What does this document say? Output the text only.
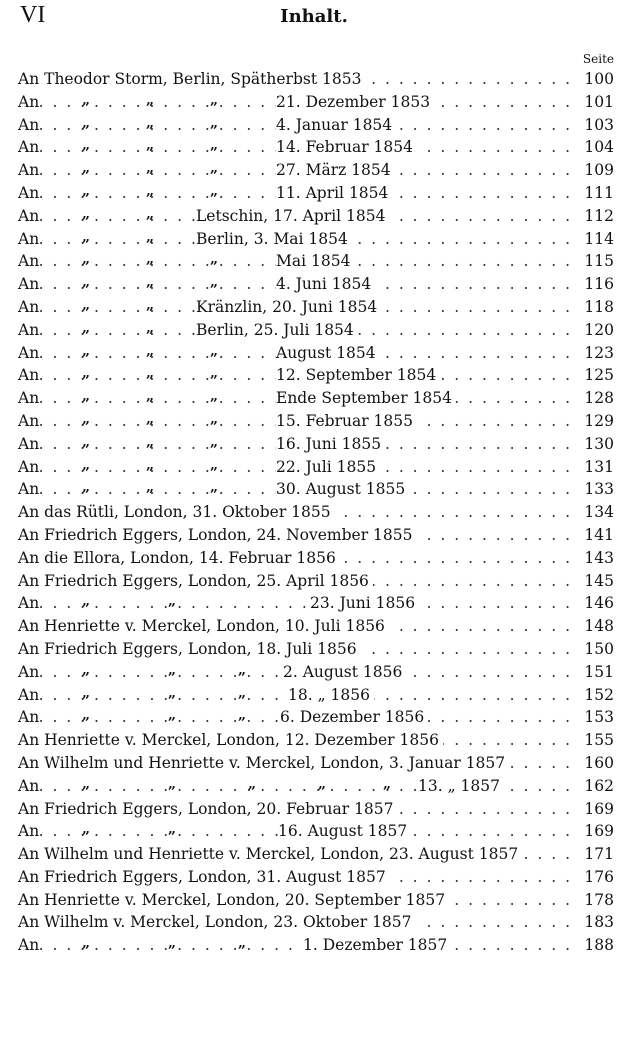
VI	Inhalt.
Seite
. . .
An Theodor Storm, Berlin, Spätherbst 1853	100
. . .
An	„	„	„	21. Dezember 1853	101
. . .
An	„	„	„	4. Januar 1854	103
. . .
An	„	„	„	14. Februar 1854	104
. . .
An	„	„	„	27. März 1854	109
. . .
An	„	„	„	11. April 1854	111
. . .
An	„	„	Letschin, 17. April 1854	112
. . .
An	„	„	Berlin, 3. Mai 1854	114
. . .
An	„	„	„	Mai 1854	115
. . .
An	„	„	„	4. Juni 1854	116
. . .
An	„	„	Kränzlin, 20. Juni 1854	118
. . .
An	„	„	Berlin, 25. Juli 1854	120
. . .
An	„	„	„	August 1854	123
. . .
An	„	„	„	12. September 1854	125
. . .
An	„	„	„	Ende September 1854	128
. . .
An	„	„	„	15. Februar 1855	129
. . .
An	„	„	„	16. Juni 1855	130
. . .
An	„	„	„	22. Juli 1855	131
. . .
An	„	„	„	30. August 1855	133
. . .
An das Rütli, London, 31. Oktober 1855	134
. . .
An Friedrich Eggers, London, 24. November 1855	141
. . .
An die Ellora, London, 14. Februar 1856	143
. . .
An Friedrich Eggers, London, 25. April 1856	145
. . .
An	„	„	23. Juni 1856	146
. . .
An Henriette v. Merckel, London, 10. Juli 1856	148
. . .
An Friedrich Eggers, London, 18. Juli 1856	150
. . .
An	„	„	„ 2. August 1856	151
. . .
An	„	„	„	18. „ 1856	152
. . .
An	„	„	„ 6. Dezember 1856	153
. . .
An Henriette v. Merckel, London, 12. Dezember 1856	155
. . .
An Wilhelm und Henriette v. Merckel, London, 3. Januar 1857	160
. . .
An	„	„	„	„	„ 13. „ 1857	162
. . .
An Friedrich Eggers, London, 20. Februar 1857	169
. . .
An	„	„	16. August 1857	169
. . .
An Wilhelm und Henriette v. Merckel, London, 23. August 1857	171
. . .
An Friedrich Eggers, London, 31. August 1857	176
. . .
An Henriette v. Merckel, London, 20. September 1857	178
. . .
An Wilhelm v. Merckel, London, 23. Oktober 1857	183
. . .
An	„	„	„	1. Dezember 1857	188
